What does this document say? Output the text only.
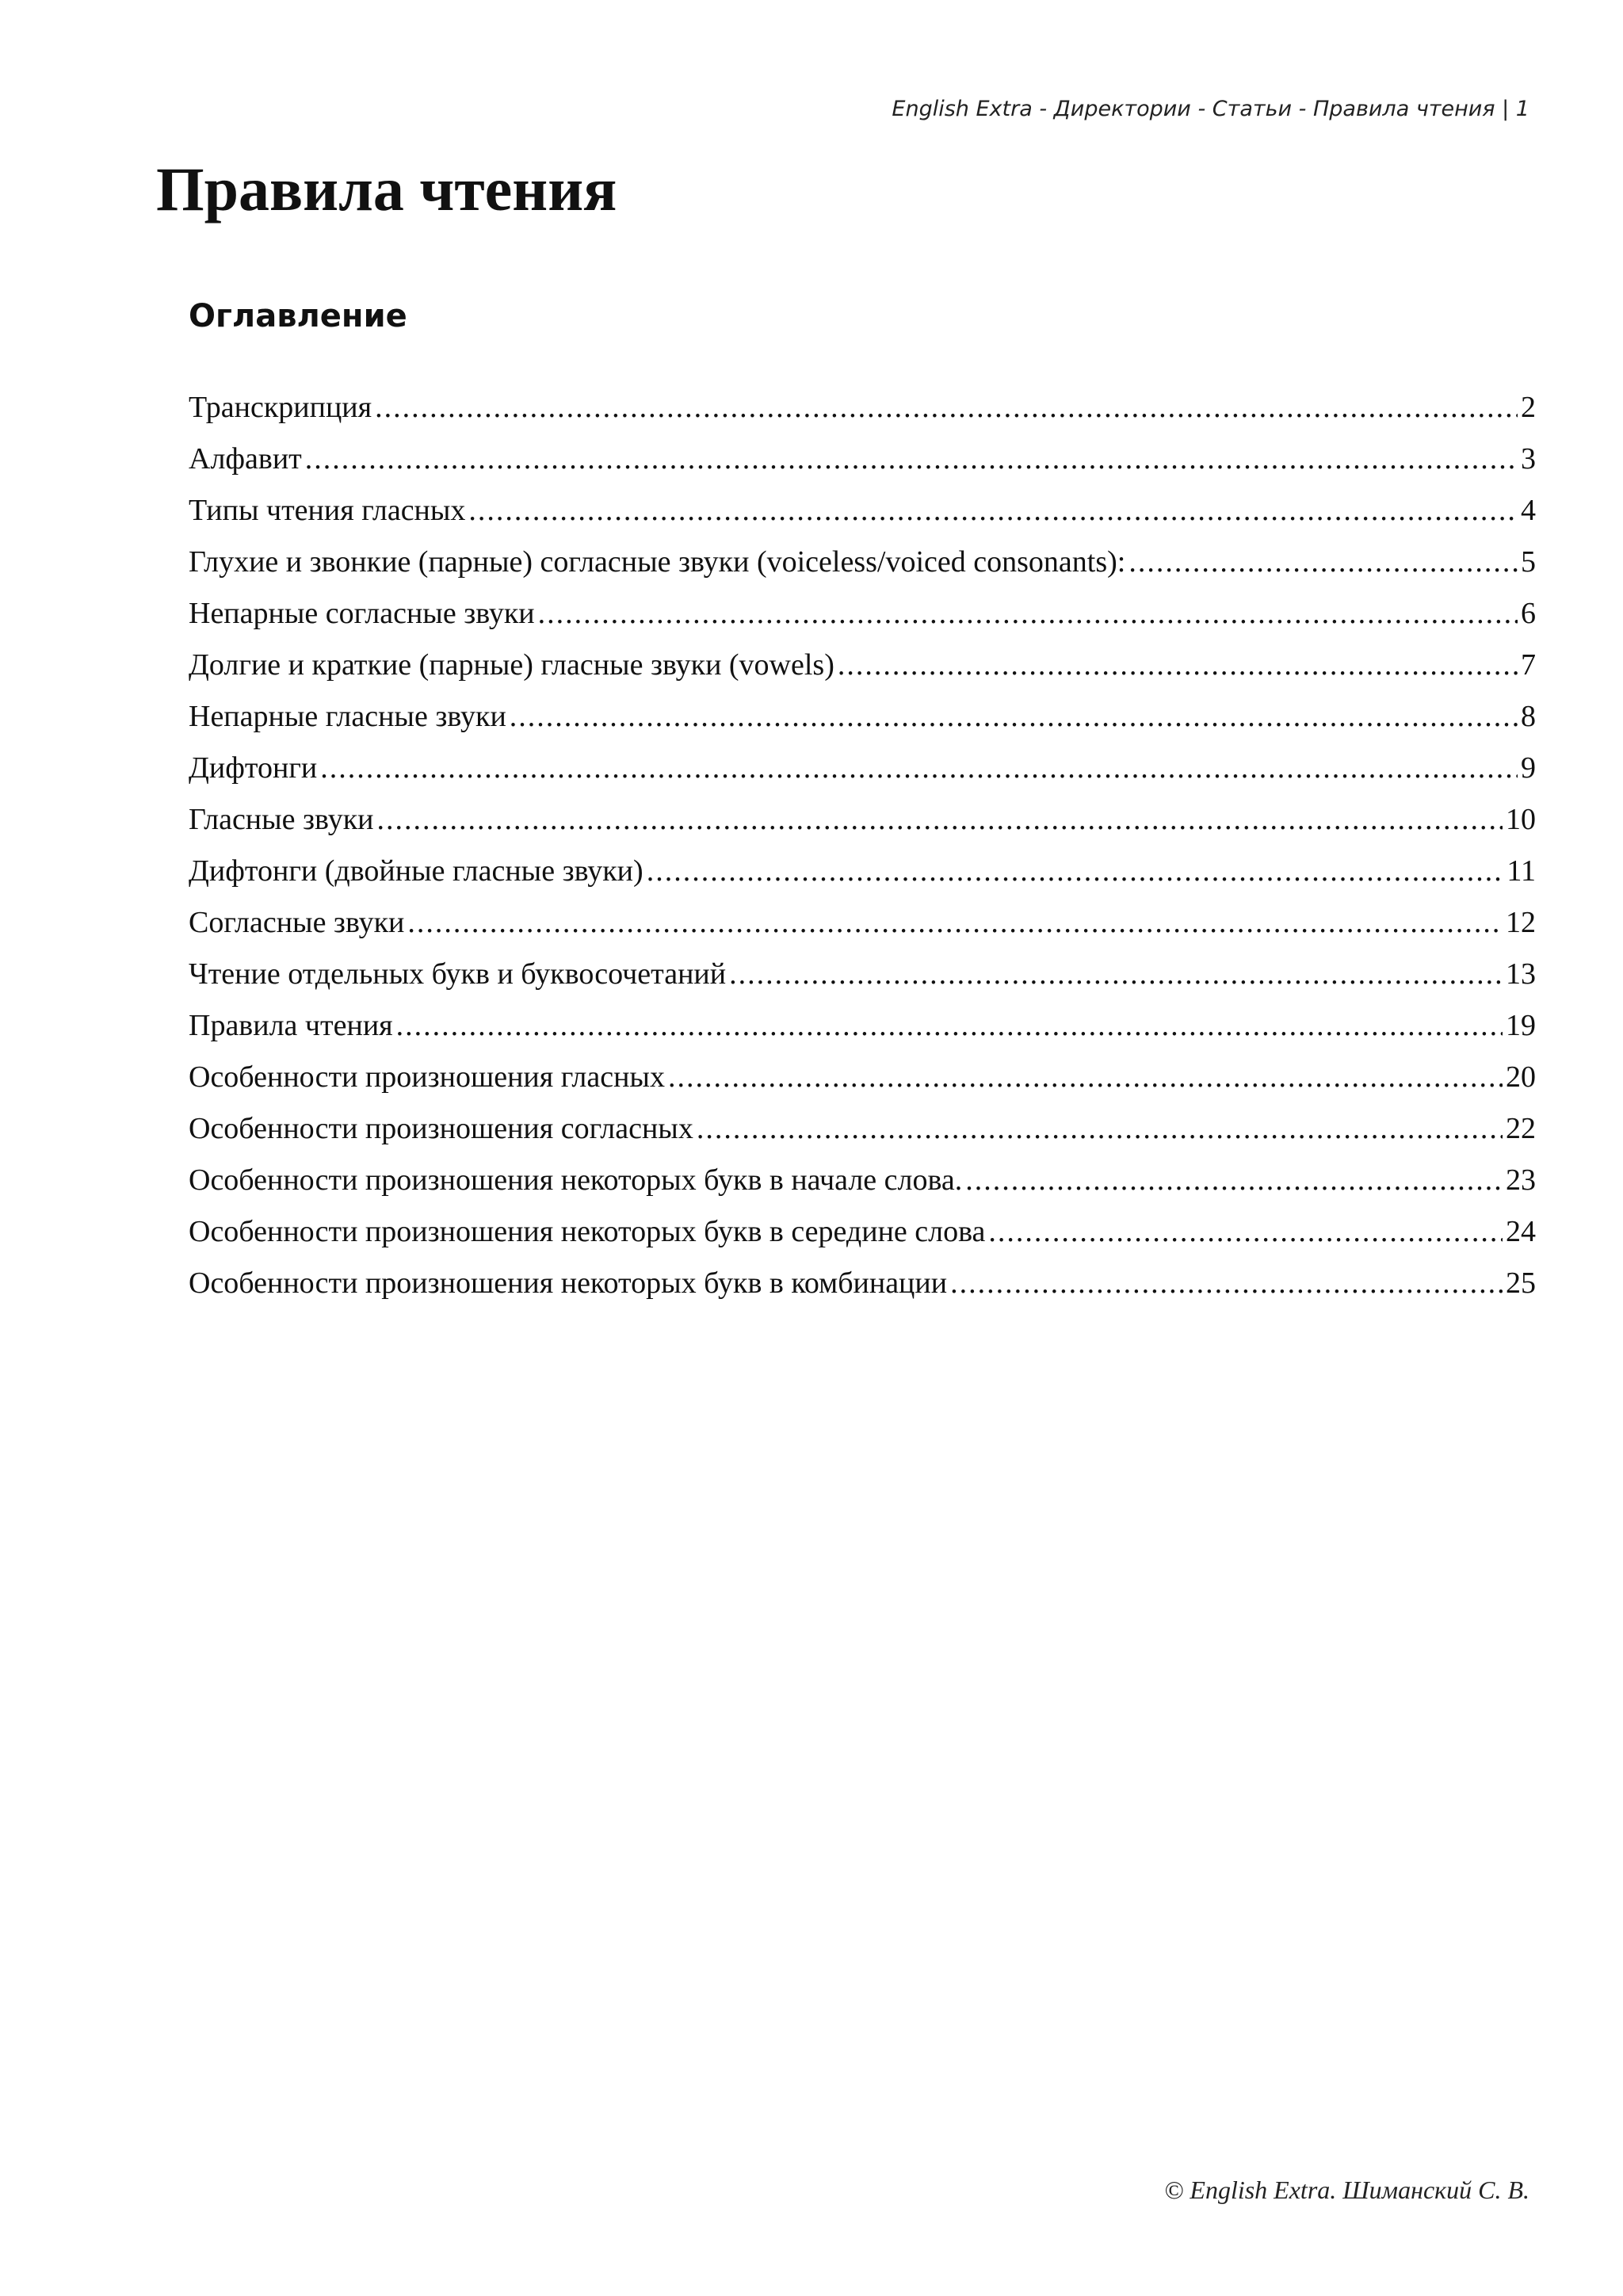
English Extra - Директории - Статьи - Правила чтения | 1
Правила чтения
Оглавление
Транскрипция .....	2
Алфавит .....	3
Типы чтения гласных .....	4
Глухие и звонкие (парные) согласные звуки (voiceless/voiced consonants): .....	5
Непарные согласные звуки .....	6
Долгие и краткие (парные) гласные звуки (vowels) .....	7
Непарные гласные звуки .....	8
Дифтонги .....	9
Гласные звуки .....	10
Дифтонги (двойные гласные звуки) .....	11
Согласные звуки .....	12
Чтение отдельных букв и буквосочетаний .....	13
Правила чтения .....	19
Особенности произношения гласных .....	20
Особенности произношения согласных .....	22
Особенности произношения некоторых букв в начале слова. .....	23
Особенности произношения некоторых букв в середине слова .....	24
Особенности произношения некоторых букв в комбинации .....	25
© English Extra. Шиманский С. В.
